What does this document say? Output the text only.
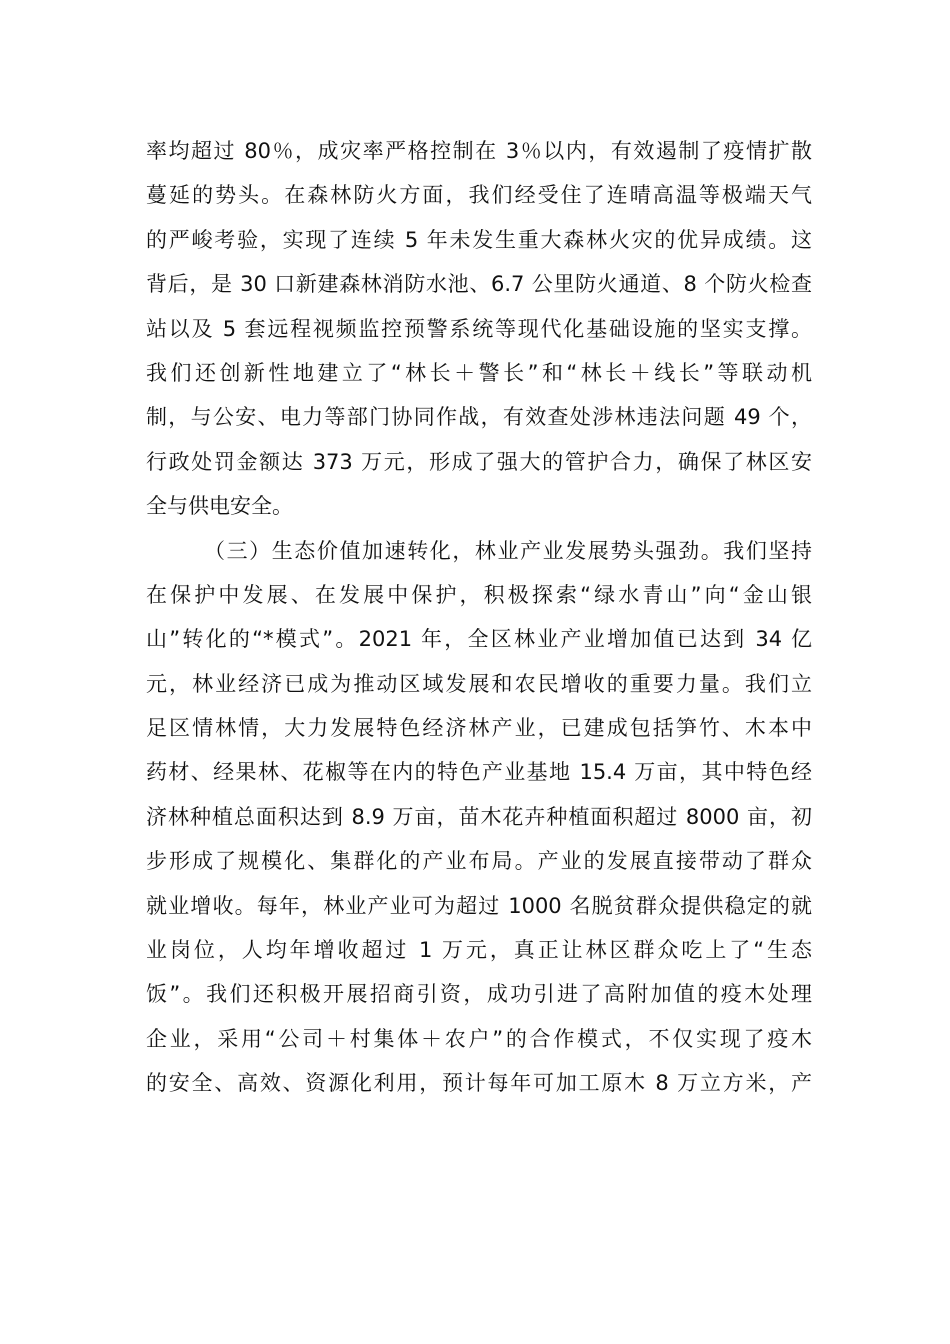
率均超过 80％，成灾率严格控制在 3％以内，有效遏制了疫情扩散
蔓延的势头。在森林防火方面，我们经受住了连晴高温等极端天气
的严峻考验，实现了连续 5 年未发生重大森林火灾的优异成绩。这
背后，是 30 口新建森林消防水池、6.7 公里防火通道、8 个防火检查
站以及 5 套远程视频监控预警系统等现代化基础设施的坚实支撑。
我们还创新性地建立了“林长＋警长”和“林长＋线长”等联动机
制，与公安、电力等部门协同作战，有效查处涉林违法问题 49 个，
行政处罚金额达 373 万元，形成了强大的管护合力，确保了林区安
全与供电安全。
（三）生态价值加速转化，林业产业发展势头强劲。我们坚持
在保护中发展、在发展中保护，积极探索“绿水青山”向“金山银
山”转化的“*模式”。2021 年，全区林业产业增加值已达到 34 亿
元，林业经济已成为推动区域发展和农民增收的重要力量。我们立
足区情林情，大力发展特色经济林产业，已建成包括笋竹、木本中
药材、经果林、花椒等在内的特色产业基地 15.4 万亩，其中特色经
济林种植总面积达到 8.9 万亩，苗木花卉种植面积超过 8000 亩，初
步形成了规模化、集群化的产业布局。产业的发展直接带动了群众
就业增收。每年，林业产业可为超过 1000 名脱贫群众提供稳定的就
业岗位，人均年增收超过 1 万元，真正让林区群众吃上了“生态
饭”。我们还积极开展招商引资，成功引进了高附加值的疫木处理
企业，采用“公司＋村集体＋农户”的合作模式，不仅实现了疫木
的安全、高效、资源化利用，预计每年可加工原木 8 万立方米，产
